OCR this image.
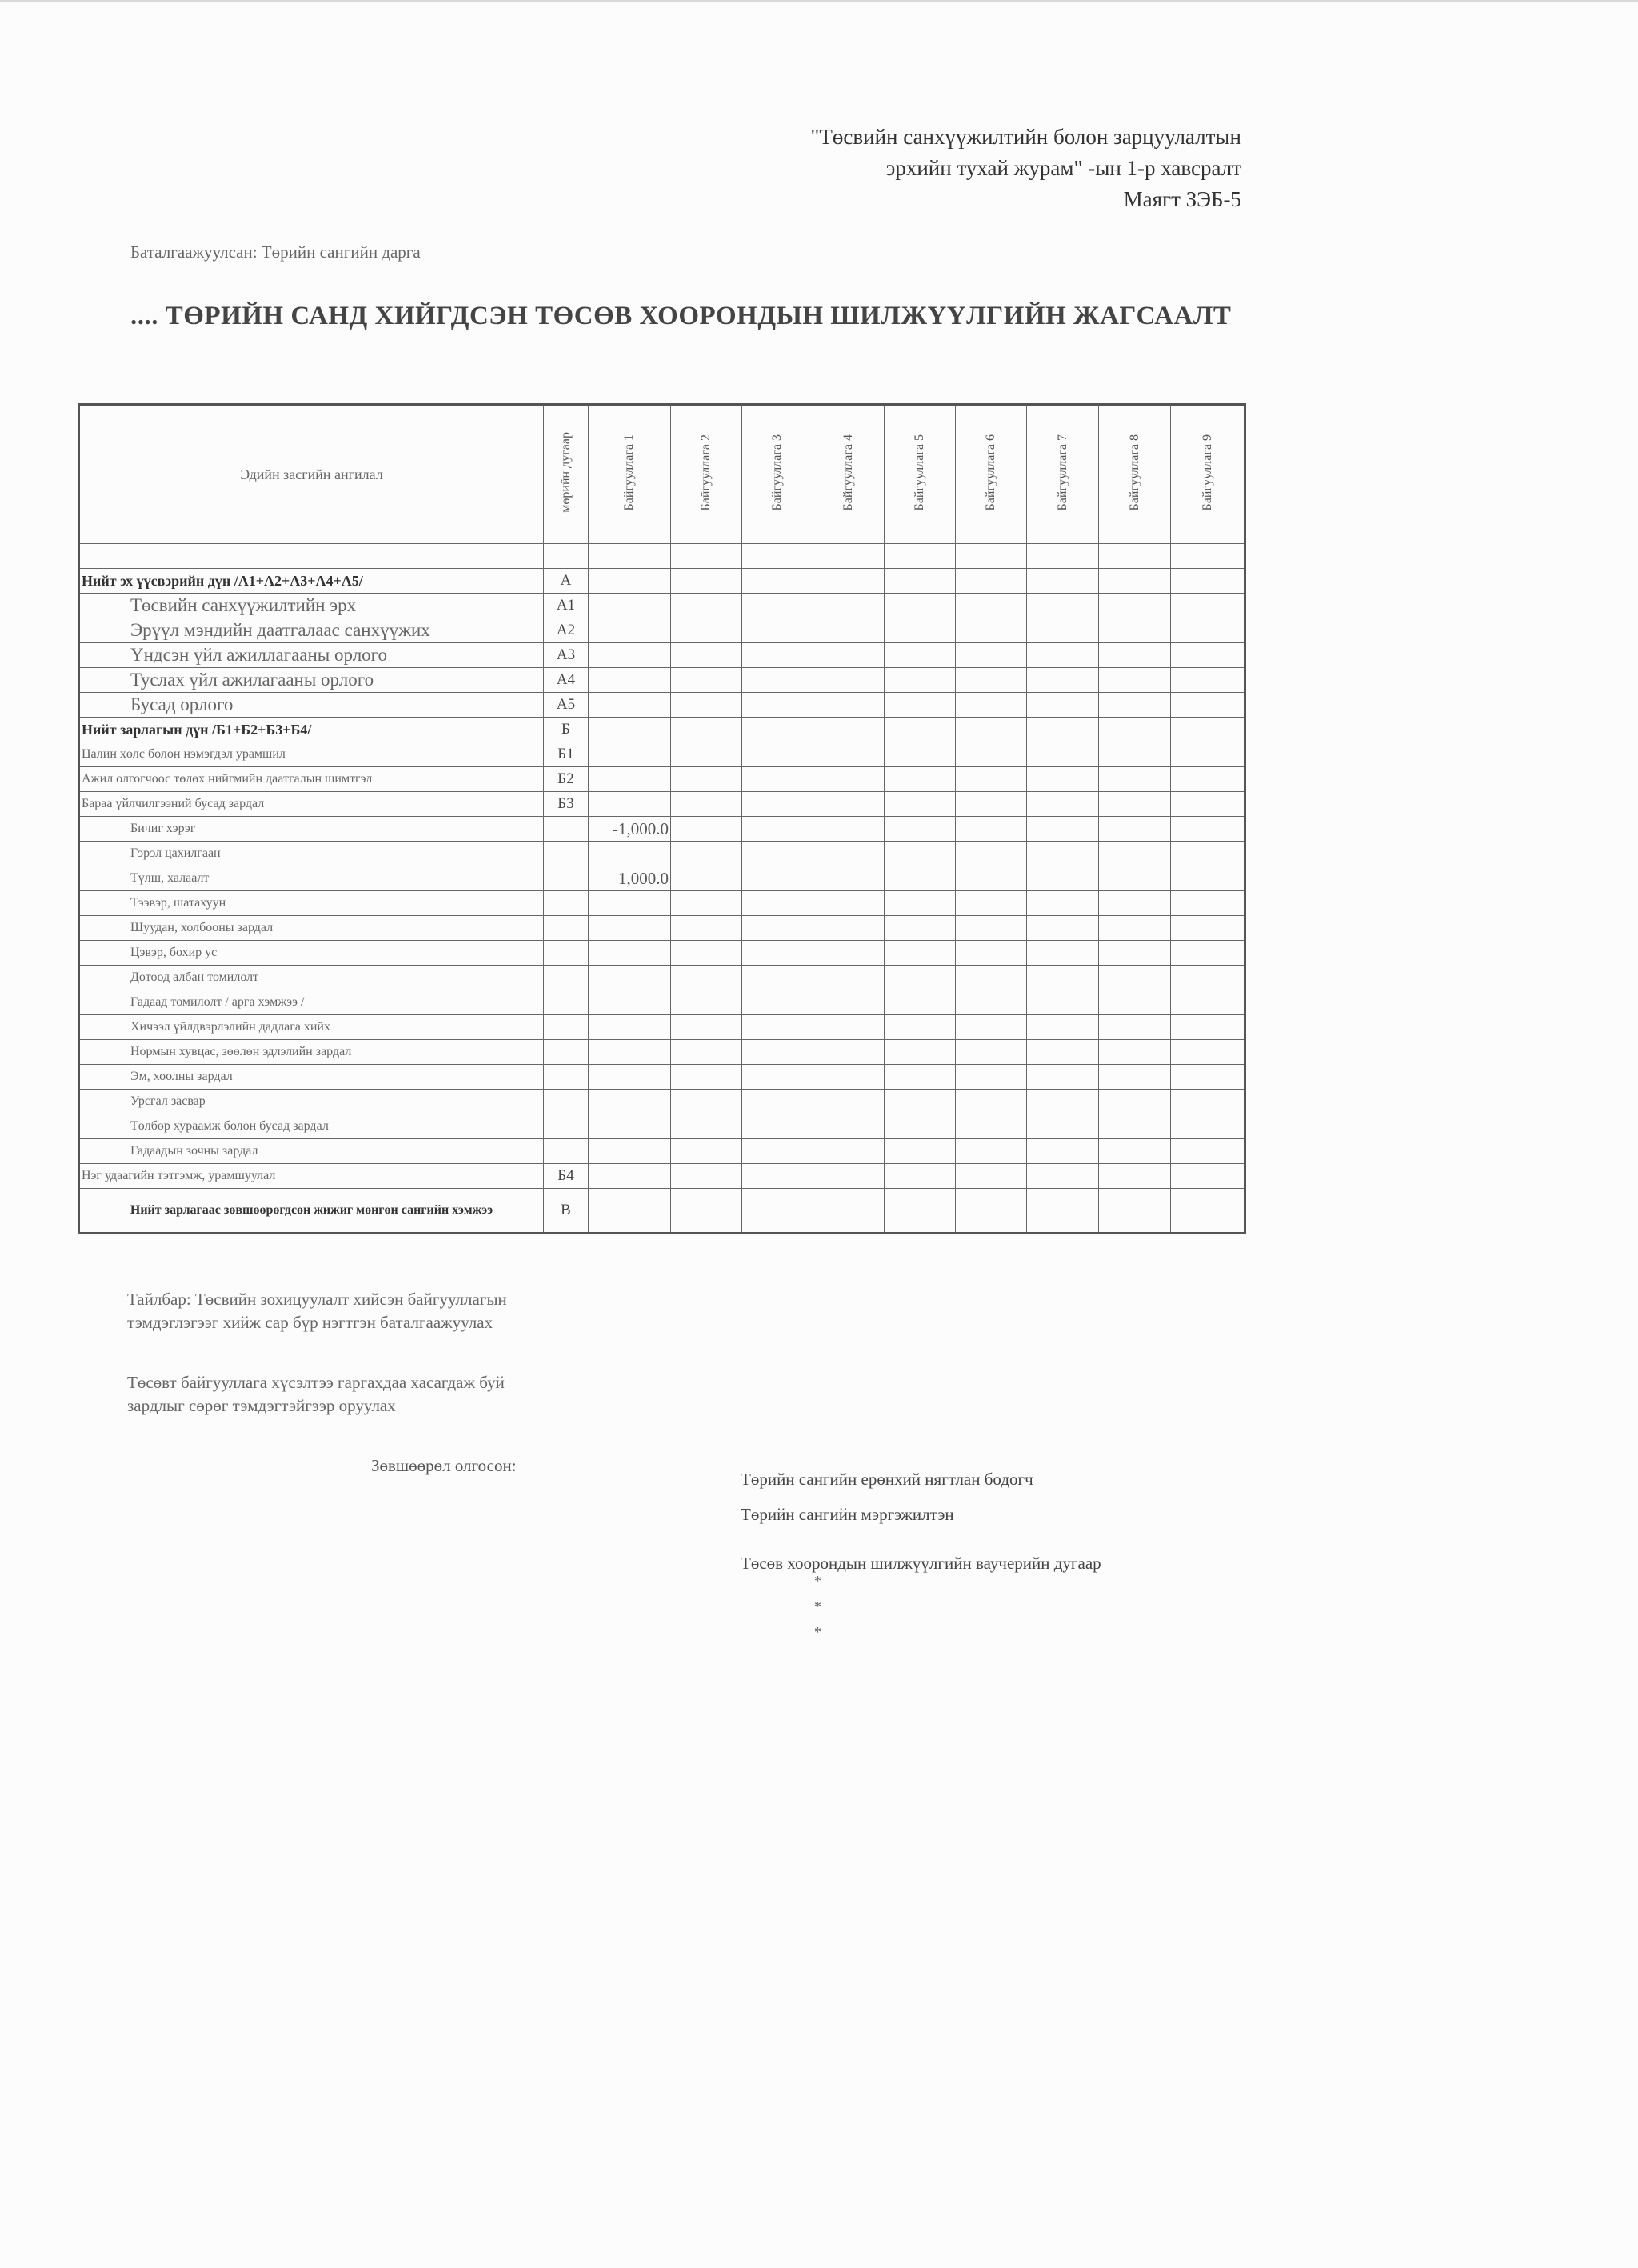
"Төсвийн санхүүжилтийн болон зарцуулалтын
эрхийн тухай журам" -ын 1-р хавсралт
Маягт ЗЭБ-5
Баталгаажуулсан: Төрийн сангийн дарга
.... ТӨРИЙН САНД ХИЙГДСЭН ТӨСӨВ ХООРОНДЫН ШИЛЖҮҮЛГИЙН ЖАГСААЛТ
Эдийн засгийн ангилал	мөрийн дугаар	Байгууллага 1	Байгууллага 2	Байгууллага 3	Байгууллага 4	Байгууллага 5	Байгууллага 6	Байгууллага 7	Байгууллага 8	Байгууллага 9

Нийт эх үүсвэрийн дүн /А1+А2+А3+А4+А5/	А									
Төсвийн санхүүжилтийн эрх	А1									
Эрүүл мэндийн даатгалаас санхүүжих	А2									
Үндсэн үйл ажиллагааны орлого	А3									
Туслах үйл ажилагааны орлого	А4									
Бусад орлого	А5									
Нийт зарлагын дүн /Б1+Б2+Б3+Б4/	Б									
Цалин хөлс болон нэмэгдэл урамшил	Б1									
Ажил олгогчоос төлөх нийгмийн даатгалын шимтгэл	Б2									
Бараа үйлчилгээний бусад зардал	Б3									
Бичиг хэрэг		-1,000.0								
Гэрэл цахилгаан										
Түлш, халаалт		1,000.0								
Тээвэр, шатахуун										
Шуудан, холбооны зардал										
Цэвэр, бохир ус										
Дотоод албан томилолт										
Гадаад томилолт / арга хэмжээ /										
Хичээл үйлдвэрлэлийн дадлага хийх										
Нормын хувцас, зөөлөн эдлэлийн зардал										
Эм, хоолны зардал										
Урсгал засвар										
Төлбөр хураамж болон бусад зардал										
Гадаадын зочны зардал										
Нэг удаагийн тэтгэмж, урамшуулал	Б4									
Нийт зарлагаас зөвшөөрөгдсөн жижиг мөнгөн сангийн хэмжээ	В									
Тайлбар: Төсвийн зохицуулалт хийсэн байгууллагын тэмдэглэгээг хийж сар бүр нэгтгэн баталгаажуулах
Төсөвт байгууллага хүсэлтээ гаргахдаа хасагдаж буй зардлыг сөрөг тэмдэгтэйгээр оруулах
Зөвшөөрөл олгосон:
Төрийн сангийн ерөнхий нягтлан бодогч
Төрийн сангийн мэргэжилтэн
Төсөв хоорондын шилжүүлгийн ваучерийн дугаар
*
*
*
